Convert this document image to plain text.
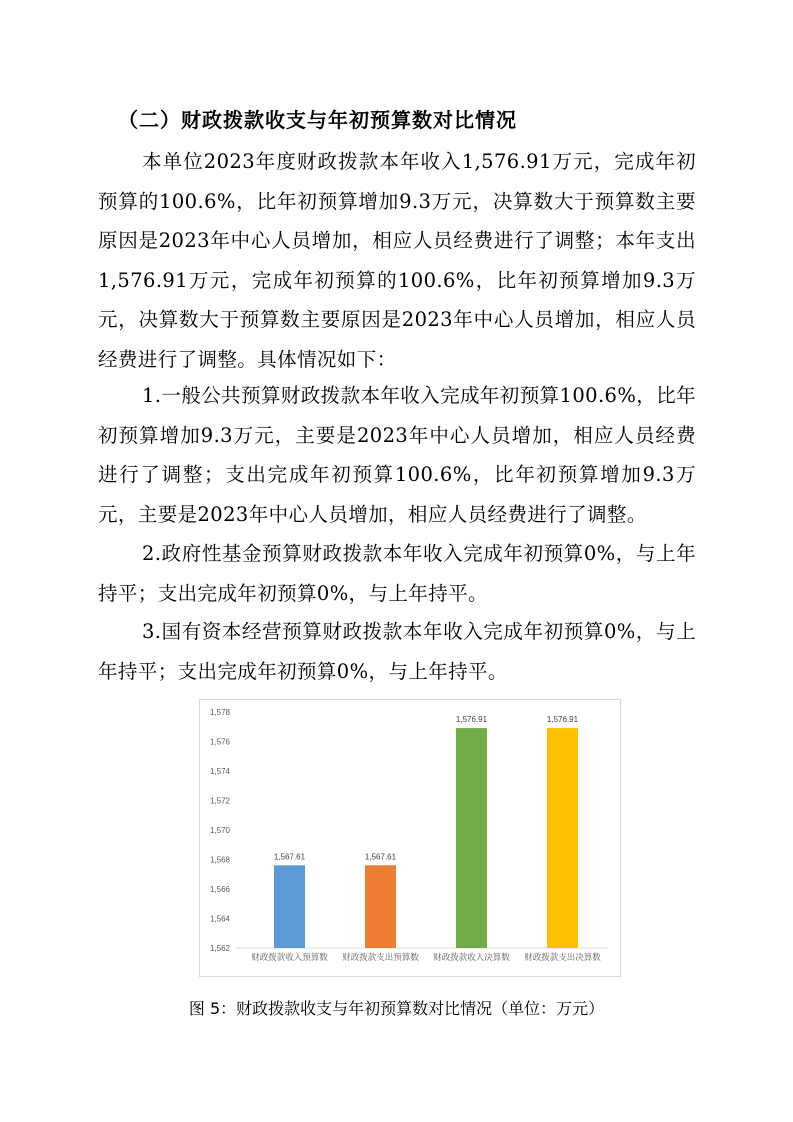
（二）财政拨款收支与年初预算数对比情况

本单位2023年度财政拨款本年收入1,576.91万元，完成年初预算的100.6%，比年初预算增加9.3万元，决算数大于预算数主要原因是2023年中心人员增加，相应人员经费进行了调整；本年支出1,576.91万元，完成年初预算的100.6%，比年初预算增加9.3万元，决算数大于预算数主要原因是2023年中心人员增加，相应人员经费进行了调整。具体情况如下：

1.一般公共预算财政拨款本年收入完成年初预算100.6%，比年初预算增加9.3万元，主要是2023年中心人员增加，相应人员经费进行了调整；支出完成年初预算100.6%，比年初预算增加9.3万元，主要是2023年中心人员增加，相应人员经费进行了调整。

2.政府性基金预算财政拨款本年收入完成年初预算0%，与上年持平；支出完成年初预算0%，与上年持平。

3.国有资本经营预算财政拨款本年收入完成年初预算0%，与上年持平；支出完成年初预算0%，与上年持平。

1,562
1,564
1,566
1,568
1,570
1,572
1,574
1,576
1,578
1,567.61
财政拨款收入预算数
1,567.61
财政拨款支出预算数
1,576.91
财政拨款收入决算数
1,576.91
财政拨款支出决算数
图 5：财政拨款收支与年初预算数对比情况（单位：万元）
